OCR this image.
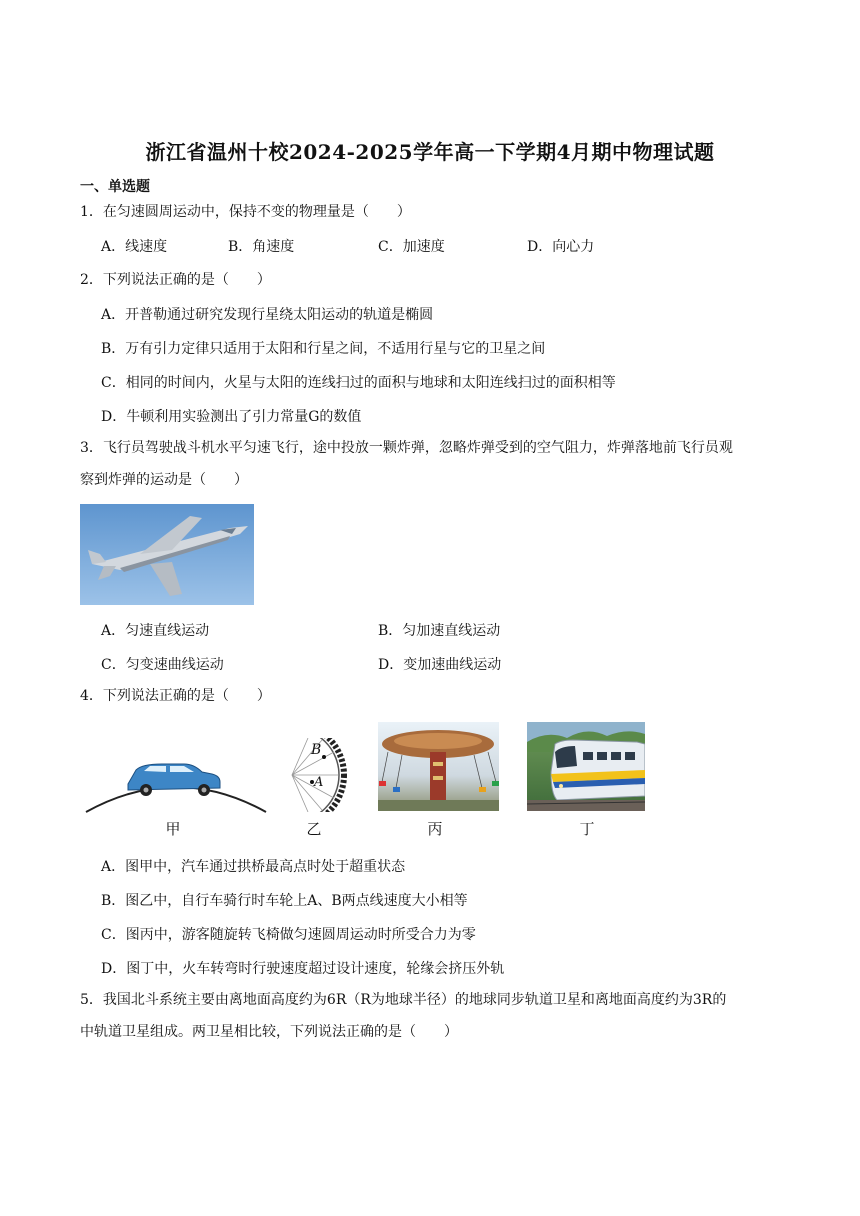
浙江省温州十校2024-2025学年高一下学期4月期中物理试题
一、单选题
1．在匀速圆周运动中，保持不变的物理量是（　　）
A．线速度	B．角速度	C．加速度	D．向心力
2．下列说法正确的是（　　）
A．开普勒通过研究发现行星绕太阳运动的轨道是椭圆
B．万有引力定律只适用于太阳和行星之间，不适用行星与它的卫星之间
C．相同的时间内，火星与太阳的连线扫过的面积与地球和太阳连线扫过的面积相等
D．牛顿利用实验测出了引力常量G的数值
3．飞行员驾驶战斗机水平匀速飞行，途中投放一颗炸弹，忽略炸弹受到的空气阻力，炸弹落地前飞行员观
察到炸弹的运动是（　　）
A．匀速直线运动	B．匀加速直线运动
C．匀变速曲线运动	D．变加速曲线运动
4．下列说法正确的是（　　）
B
A
甲	乙	丙	丁
A．图甲中，汽车通过拱桥最高点时处于超重状态
B．图乙中，自行车骑行时车轮上A、B两点线速度大小相等
C．图丙中，游客随旋转飞椅做匀速圆周运动时所受合力为零
D．图丁中，火车转弯时行驶速度超过设计速度，轮缘会挤压外轨
5．我国北斗系统主要由离地面高度约为6R（R为地球半径）的地球同步轨道卫星和离地面高度约为3R的
中轨道卫星组成。两卫星相比较，下列说法正确的是（　　）
